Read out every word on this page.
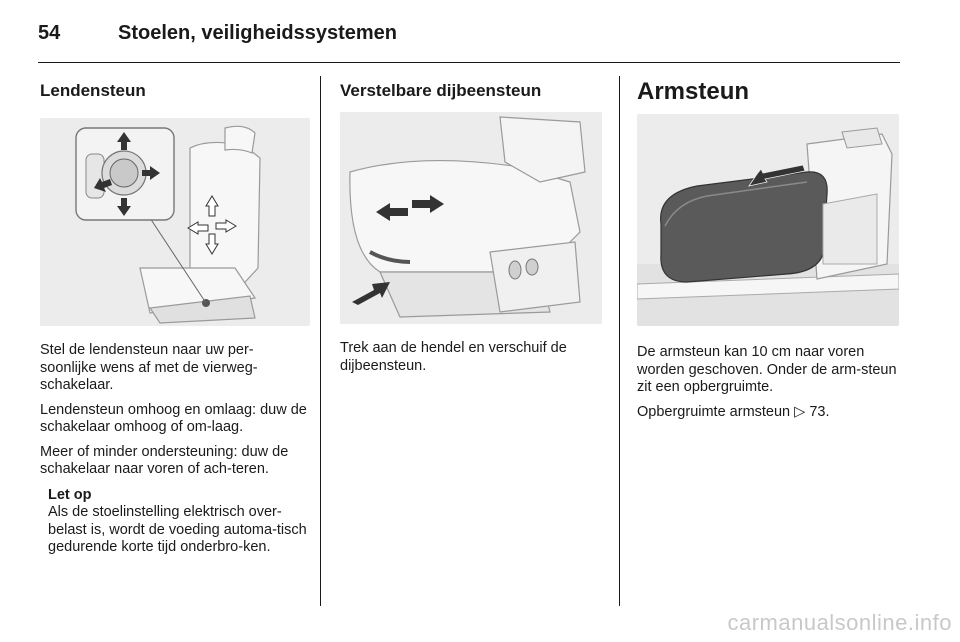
54	Stoelen, veiligheidssystemen
Lendensteun

Stel de lendensteun naar uw per-soonlijke wens af met de vierweg-schakelaar.

Lendensteun omhoog en omlaag: duw de schakelaar omhoog of om-laag.

Meer of minder ondersteuning: duw de schakelaar naar voren of ach-teren.

Let op
Als de stoelinstelling elektrisch over-belast is, wordt de voeding automa-tisch gedurende korte tijd onderbro-ken.
Verstelbare dijbeensteun

Trek aan de hendel en verschuif de dijbeensteun.

Armsteun

De armsteun kan 10 cm naar voren worden geschoven. Onder de arm-steun zit een opbergruimte.

Opbergruimte armsteun ▷ 73.

carmanualsonline.info
